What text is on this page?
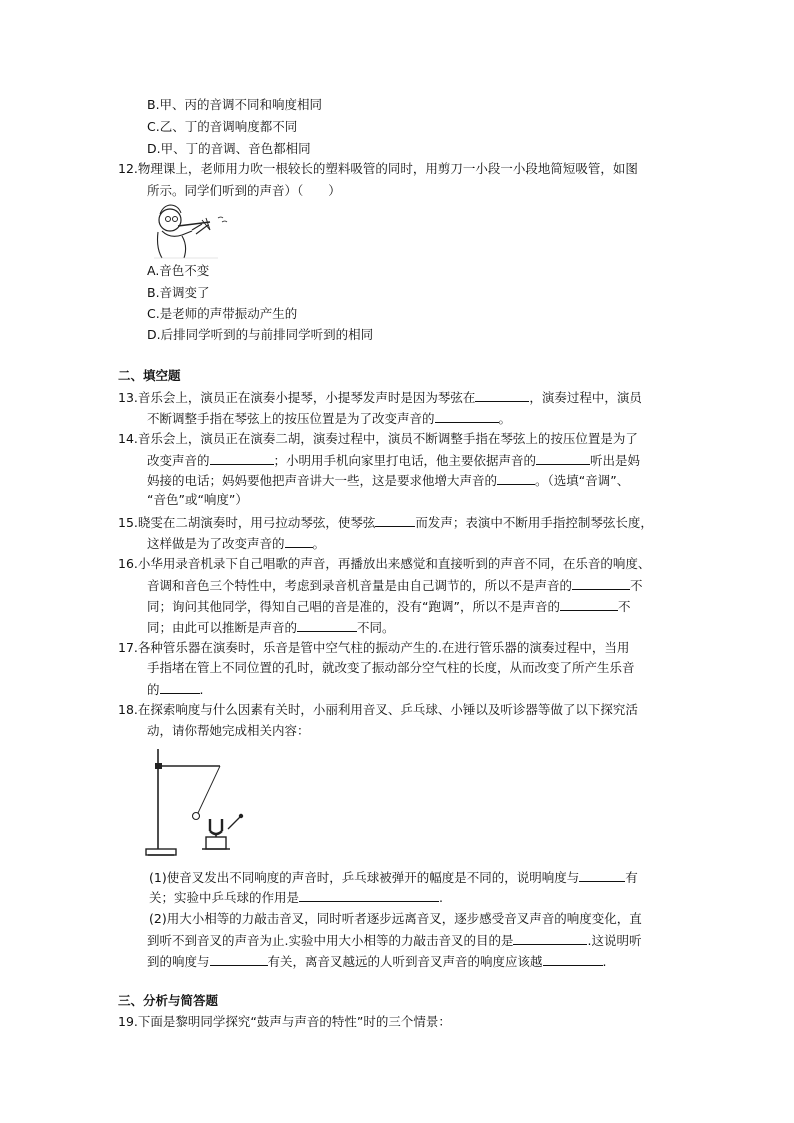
B.甲、丙的音调不同和响度相同
C.乙、丁的音调响度都不同
D.甲、丁的音调、音色都相同
12.物理课上，老师用力吹一根较长的塑料吸管的同时，用剪刀一小段一小段地简短吸管，如图
所示。同学们听到的声音）（　　）
A.音色不变
B.音调变了
C.是老师的声带振动产生的
D.后排同学听到的与前排同学听到的相同
二、填空题
13.音乐会上，演员正在演奏小提琴，小提琴发声时是因为琴弦在	，演奏过程中，演员
不断调整手指在琴弦上的按压位置是为了改变声音的	。
14.音乐会上，演员正在演奏二胡，演奏过程中，演员不断调整手指在琴弦上的按压位置是为了
改变声音的	；小明用手机向家里打电话，他主要依据声音的	听出是妈
妈接的电话；妈妈要他把声音讲大一些，这是要求他增大声音的	。（选填“音调”、
“音色”或“响度”）
15.晓雯在二胡演奏时，用弓拉动琴弦，使琴弦	而发声；表演中不断用手指控制琴弦长度，
这样做是为了改变声音的 。
16.小华用录音机录下自己唱歌的声音，再播放出来感觉和直接听到的声音不同，在乐音的响度、
音调和音色三个特性中，考虑到录音机音量是由自己调节的，所以不是声音的	不
同；询问其他同学，得知自己唱的音是准的，没有“跑调”，所以不是声音的	不
同；由此可以推断是声音的	不同。
17.各种管乐器在演奏时，乐音是管中空气柱的振动产生的.在进行管乐器的演奏过程中，当用
手指堵在管上不同位置的孔时，就改变了振动部分空气柱的长度，从而改变了所产生乐音
的	.
18.在探索响度与什么因素有关时，小丽利用音叉、乒乓球、小锤以及听诊器等做了以下探究活
动，请你帮她完成相关内容：
(1)使音叉发出不同响度的声音时，乒乓球被弹开的幅度是不同的，说明响度与	有
关；实验中乒乓球的作用是	.
(2)用大小相等的力敲击音叉，同时听者逐步远离音叉，逐步感受音叉声音的响度变化，直
到听不到音叉的声音为止.实验中用大小相等的力敲击音叉的目的是	.这说明听
到的响度与	有关，离音叉越远的人听到音叉声音的响度应该越	.
三、分析与简答题
19.下面是黎明同学探究“鼓声与声音的特性”时的三个情景：
